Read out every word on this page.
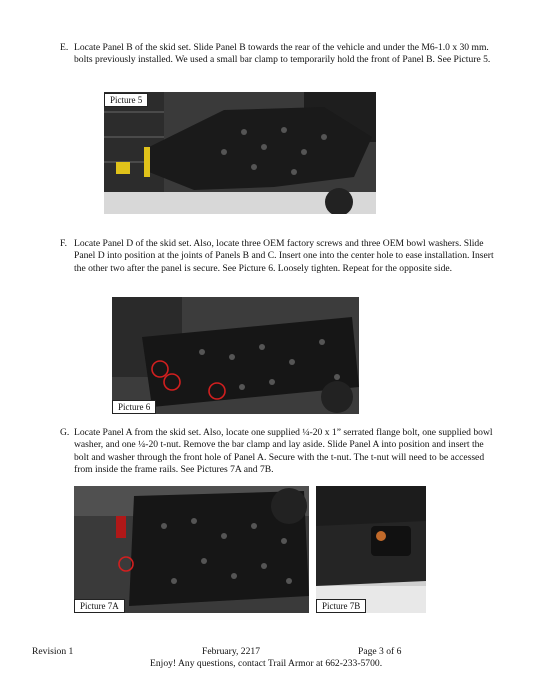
E. Locate Panel B of the skid set. Slide Panel B towards the rear of the vehicle and under the M6-1.0 x 30 mm. bolts previously installed. We used a small bar clamp to temporarily hold the front of Panel B. See Picture 5.

Picture 5
F. Locate Panel D of the skid set. Also, locate three OEM factory screws and three OEM bowl washers. Slide Panel D into position at the joints of Panels B and C. Insert one into the center hole to ease installation. Insert the other two after the panel is secure. See Picture 6. Loosely tighten. Repeat for the opposite side.

Picture 6
G. Locate Panel A from the skid set. Also, locate one supplied ¼-20 x 1” serrated flange bolt, one supplied bowl washer, and one ¼-20 t-nut. Remove the bar clamp and lay aside. Slide Panel A into position and insert the bolt and washer through the front hole of Panel A. Secure with the t-nut. The t-nut will need to be accessed from inside the frame rails. See Pictures 7A and 7B.

Picture 7A	Picture 7B
Revision 1	February, 2217	Page 3 of 6
Enjoy! Any questions, contact Trail Armor at 662-233-5700.
